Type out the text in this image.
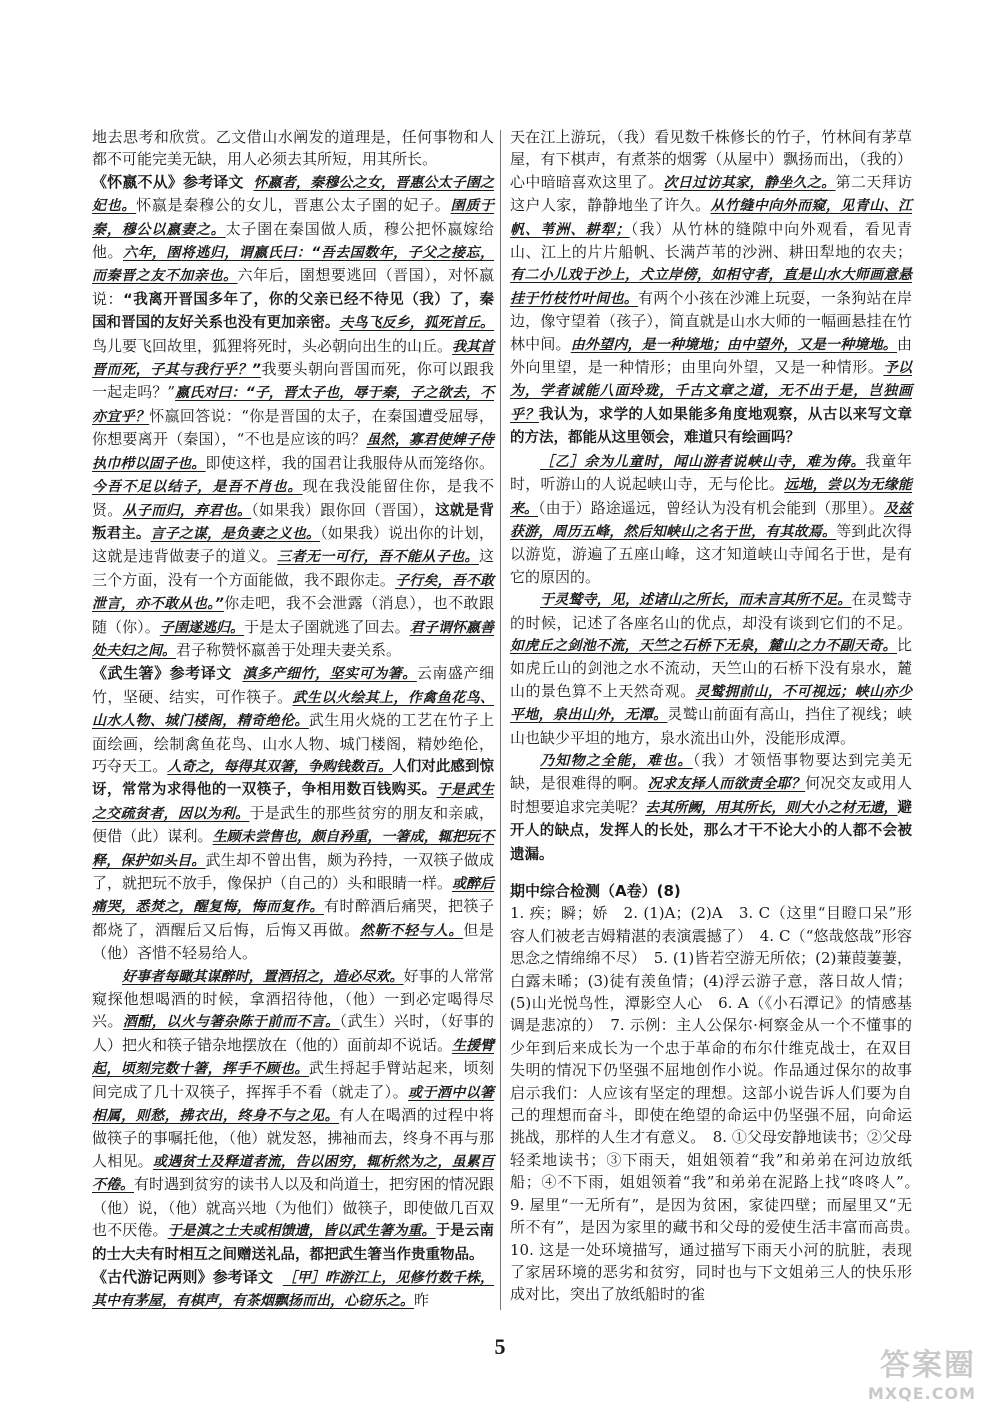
地去思考和欣赏。乙文借山水阐发的道理是，任何事物和人都不可能完美无缺，用人必须去其所短，用其所长。

《怀嬴不从》参考译文 怀嬴者，秦穆公之女，晋惠公太子圉之妃也。怀嬴是秦穆公的女儿，晋惠公太子圉的妃子。圉质于秦，穆公以嬴妻之。太子圉在秦国做人质，穆公把怀嬴嫁给他。六年，圉将逃归，谓嬴氏曰：“吾去国数年，子父之接忘，而秦晋之友不加亲也。六年后，圉想要逃回（晋国），对怀嬴说：“我离开晋国多年了，你的父亲已经不待见（我）了，秦国和晋国的友好关系也没有更加亲密。夫鸟飞反乡，狐死首丘。鸟儿要飞回故里，狐狸将死时，头必朝向出生的山丘。我其首晋而死，子其与我行乎？”我要头朝向晋国而死，你可以跟我一起走吗？”嬴氏对曰：“子，晋太子也，辱于秦，子之欲去，不亦宜乎？怀嬴回答说：“你是晋国的太子，在秦国遭受屈辱，你想要离开（秦国），“不也是应该的吗？虽然，寡君使婢子侍执巾栉以固子也。即使这样，我的国君让我服侍从而笼络你。今吾不足以结子，是吾不肖也。现在我没能留住你，是我不贤。从子而归，弃君也。（如果我）跟你回（晋国），这就是背叛君主。言子之谋，是负妻之义也。（如果我）说出你的计划，这就是违背做妻子的道义。三者无一可行，吾不能从子也。这三个方面，没有一个方面能做，我不跟你走。子行矣，吾不敢泄言，亦不敢从也。”你走吧，我不会泄露（消息），也不敢跟随（你）。子圉遂逃归。于是太子圉就逃了回去。君子谓怀嬴善处夫妇之间。君子称赞怀嬴善于处理夫妻关系。

《武生箸》参考译文 滇多产细竹，坚实可为箸。云南盛产细竹，坚硬、结实，可作筷子。武生以火绘其上，作禽鱼花鸟、山水人物、城门楼阁，精奇绝伦。武生用火烧的工艺在竹子上面绘画，绘制禽鱼花鸟、山水人物、城门楼阁，精妙绝伦，巧夺天工。人奇之，每得其双箸，争购钱数百。人们对此感到惊讶，常常为求得他的一双筷子，争相用数百钱购买。于是武生之交疏贫者，因以为利。于是武生的那些贫穷的朋友和亲戚，便借（此）谋利。生顾未尝售也，颇自矜重，一箸成，辄把玩不释，保护如头目。武生却不曾出售，颇为矜持，一双筷子做成了，就把玩不放手，像保护（自己的）头和眼睛一样。或醉后痛哭，悉焚之，醒复悔，悔而复作。有时醉酒后痛哭，把筷子都烧了，酒醒后又后悔，后悔又再做。然靳不轻与人。但是（他）吝惜不轻易给人。

好事者每瞰其谋醉时，置酒招之，造必尽欢。好事的人常常窥探他想喝酒的时候，拿酒招待他，（他）一到必定喝得尽兴。酒酣，以火与箸杂陈于前而不言。（武生）兴时，（好事的人）把火和筷子错杂地摆放在（他的）面前却不说话。生援臂起，顷刻完数十箸，挥手不顾也。武生捋起手臂站起来，顷刻间完成了几十双筷子，挥挥手不看（就走了）。或于酒中以箸相属，则愁，拂衣出，终身不与之见。有人在喝酒的过程中将做筷子的事嘱托他，（他）就发怒，拂袖而去，终身不再与那人相见。或遇贫士及释道者流，告以困穷，辄析然为之，虽累百不倦。有时遇到贫穷的读书人以及和尚道士，把穷困的情况跟（他）说，（他）就高兴地（为他们）做筷子，即使做几百双也不厌倦。于是滇之士夫或相馈遗，皆以武生箸为重。于是云南的士大夫有时相互之间赠送礼品，都把武生箸当作贵重物品。

《古代游记两则》参考译文 ［甲］昨游江上，见修竹数千株，其中有茅屋，有棋声，有茶烟飘扬而出，心窃乐之。昨

天在江上游玩，（我）看见数千株修长的竹子，竹林间有茅草屋，有下棋声，有煮茶的烟雾（从屋中）飘扬而出，（我的）心中暗暗喜欢这里了。次日过访其家，静坐久之。第二天拜访这户人家，静静地坐了许久。从竹缝中向外而窥，见青山、江帆、苇洲、耕犁；（我）从竹林的缝隙中向外观看，看见青山、江上的片片船帆、长满芦苇的沙洲、耕田犁地的农夫；有二小儿戏于沙上，犬立岸傍，如相守者，直是山水大师画意悬挂于竹枝竹叶间也。有两个小孩在沙滩上玩耍，一条狗站在岸边，像守望着（孩子），简直就是山水大师的一幅画悬挂在竹林中间。由外望内，是一种境地；由中望外，又是一种境地。由外向里望，是一种情形；由里向外望，又是一种情形。予以为，学者诚能八面玲珑，千古文章之道，无不出于是，岂独画乎？我认为，求学的人如果能多角度地观察，从古以来写文章的方法，都能从这里领会，难道只有绘画吗？

［乙］余为儿童时，闻山游者说峡山寺，难为俦。我童年时，听游山的人说起峡山寺，无与伦比。远地，尝以为无缘能来。（由于）路途遥远，曾经认为没有机会能到（那里）。及兹获游，周历五峰，然后知峡山之名于世，有其故焉。等到此次得以游览，游遍了五座山峰，这才知道峡山寺闻名于世，是有它的原因的。

于灵鹫寺，见，述诸山之所长，而未言其所不足。在灵鹫寺的时候，记述了各座名山的优点，却没有谈到它们的不足。如虎丘之剑池不流，天竺之石桥下无泉，麓山之力不副天奇。比如虎丘山的剑池之水不流动，天竺山的石桥下没有泉水，麓山的景色算不上天然奇观。灵鹫拥前山，不可视远；峡山亦少平地，泉出山外，无潭。灵鹫山前面有高山，挡住了视线；峡山也缺少平坦的地方，泉水流出山外，没能形成潭。

乃知物之全能，难也。（我）才领悟事物要达到完美无缺，是很难得的啊。况求友择人而欲责全耶？何况交友或用人时想要追求完美呢？去其所阙，用其所长，则大小之材无遗，避开人的缺点，发挥人的长处，那么才干不论大小的人都不会被遗漏。

期中综合检测（A卷）(8)

1. 疾；瞬；娇　2. (1)A；(2)A　3. C（这里“目瞪口呆”形容人们被老吉姆精湛的表演震撼了）　4. C（“悠哉悠哉”形容思念之情绵绵不尽）　5. (1)皆若空游无所依；(2)蒹葭萋萋，白露未晞；(3)徒有羡鱼情；(4)浮云游子意，落日故人情；(5)山光悦鸟性，潭影空人心　6. A（《小石潭记》的情感基调是悲凉的）　7. 示例：主人公保尔·柯察金从一个不懂事的少年到后来成长为一个忠于革命的布尔什维克战士，在双目失明的情况下仍坚强不屈地创作小说。作品通过保尔的故事启示我们：人应该有坚定的理想。这部小说告诉人们要为自己的理想而奋斗，即使在绝望的命运中仍坚强不屈，向命运挑战，那样的人生才有意义。　8. ①父母安静地读书；②父母轻柔地读书；③下雨天，姐姐领着“我”和弟弟在河边放纸船；④不下雨，姐姐领着“我”和弟弟在泥路上找“咚咚人”。　9. 屋里“一无所有”，是因为贫困，家徒四壁；而屋里又“无所不有”，是因为家里的藏书和父母的爱使生活丰富而高贵。　10. 这是一处环境描写，通过描写下雨天小河的肮脏，表现了家居环境的恶劣和贫穷，同时也与下文姐弟三人的快乐形成对比，突出了放纸船时的雀

5
答案圈
MXQE.COM
